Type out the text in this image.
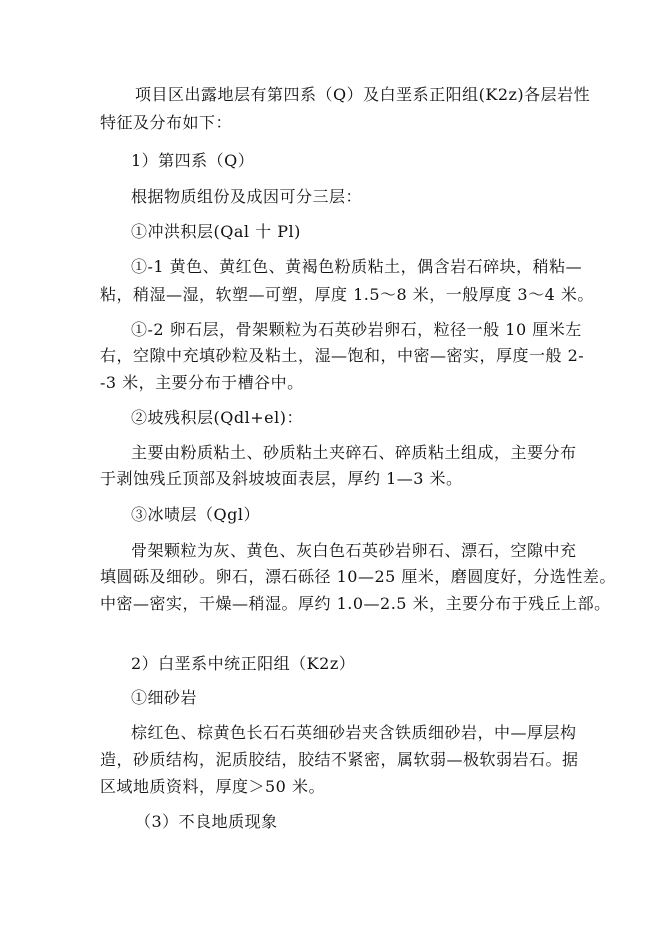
项目区出露地层有第四系（Q）及白垩系正阳组(K2z)各层岩性
特征及分布如下：
1）第四系（Q）
根据物质组份及成因可分三层：
①冲洪积层(Qal 十 Pl)
①-1 黄色、黄红色、黄褐色粉质粘土，偶含岩石碎块，稍粘—
粘，稍湿—湿，软塑—可塑，厚度 1.5～8 米，一般厚度 3～4 米。
①-2 卵石层，骨架颗粒为石英砂岩卵石，粒径一般 10 厘米左
右，空隙中充填砂粒及粘土，湿—饱和，中密—密实，厚度一般 2-
-3 米，主要分布于槽谷中。
②坡残积层(Qdl+el)：
主要由粉质粘土、砂质粘土夹碎石、碎质粘土组成，主要分布
于剥蚀残丘顶部及斜坡坡面表层，厚约 1—3 米。
③冰啧层（Qgl）
骨架颗粒为灰、黄色、灰白色石英砂岩卵石、漂石，空隙中充
填圆砾及细砂。卵石，漂石砾径 10—25 厘米，磨圆度好，分选性差。
中密—密实，干燥—稍湿。厚约 1.0—2.5 米，主要分布于残丘上部。
2）白垩系中统正阳组（K2z）
①细砂岩
棕红色、棕黄色长石石英细砂岩夹含铁质细砂岩，中—厚层构
造，砂质结构，泥质胶结，胶结不紧密，属软弱—极软弱岩石。据
区域地质资料，厚度＞50 米。
（3）不良地质现象
